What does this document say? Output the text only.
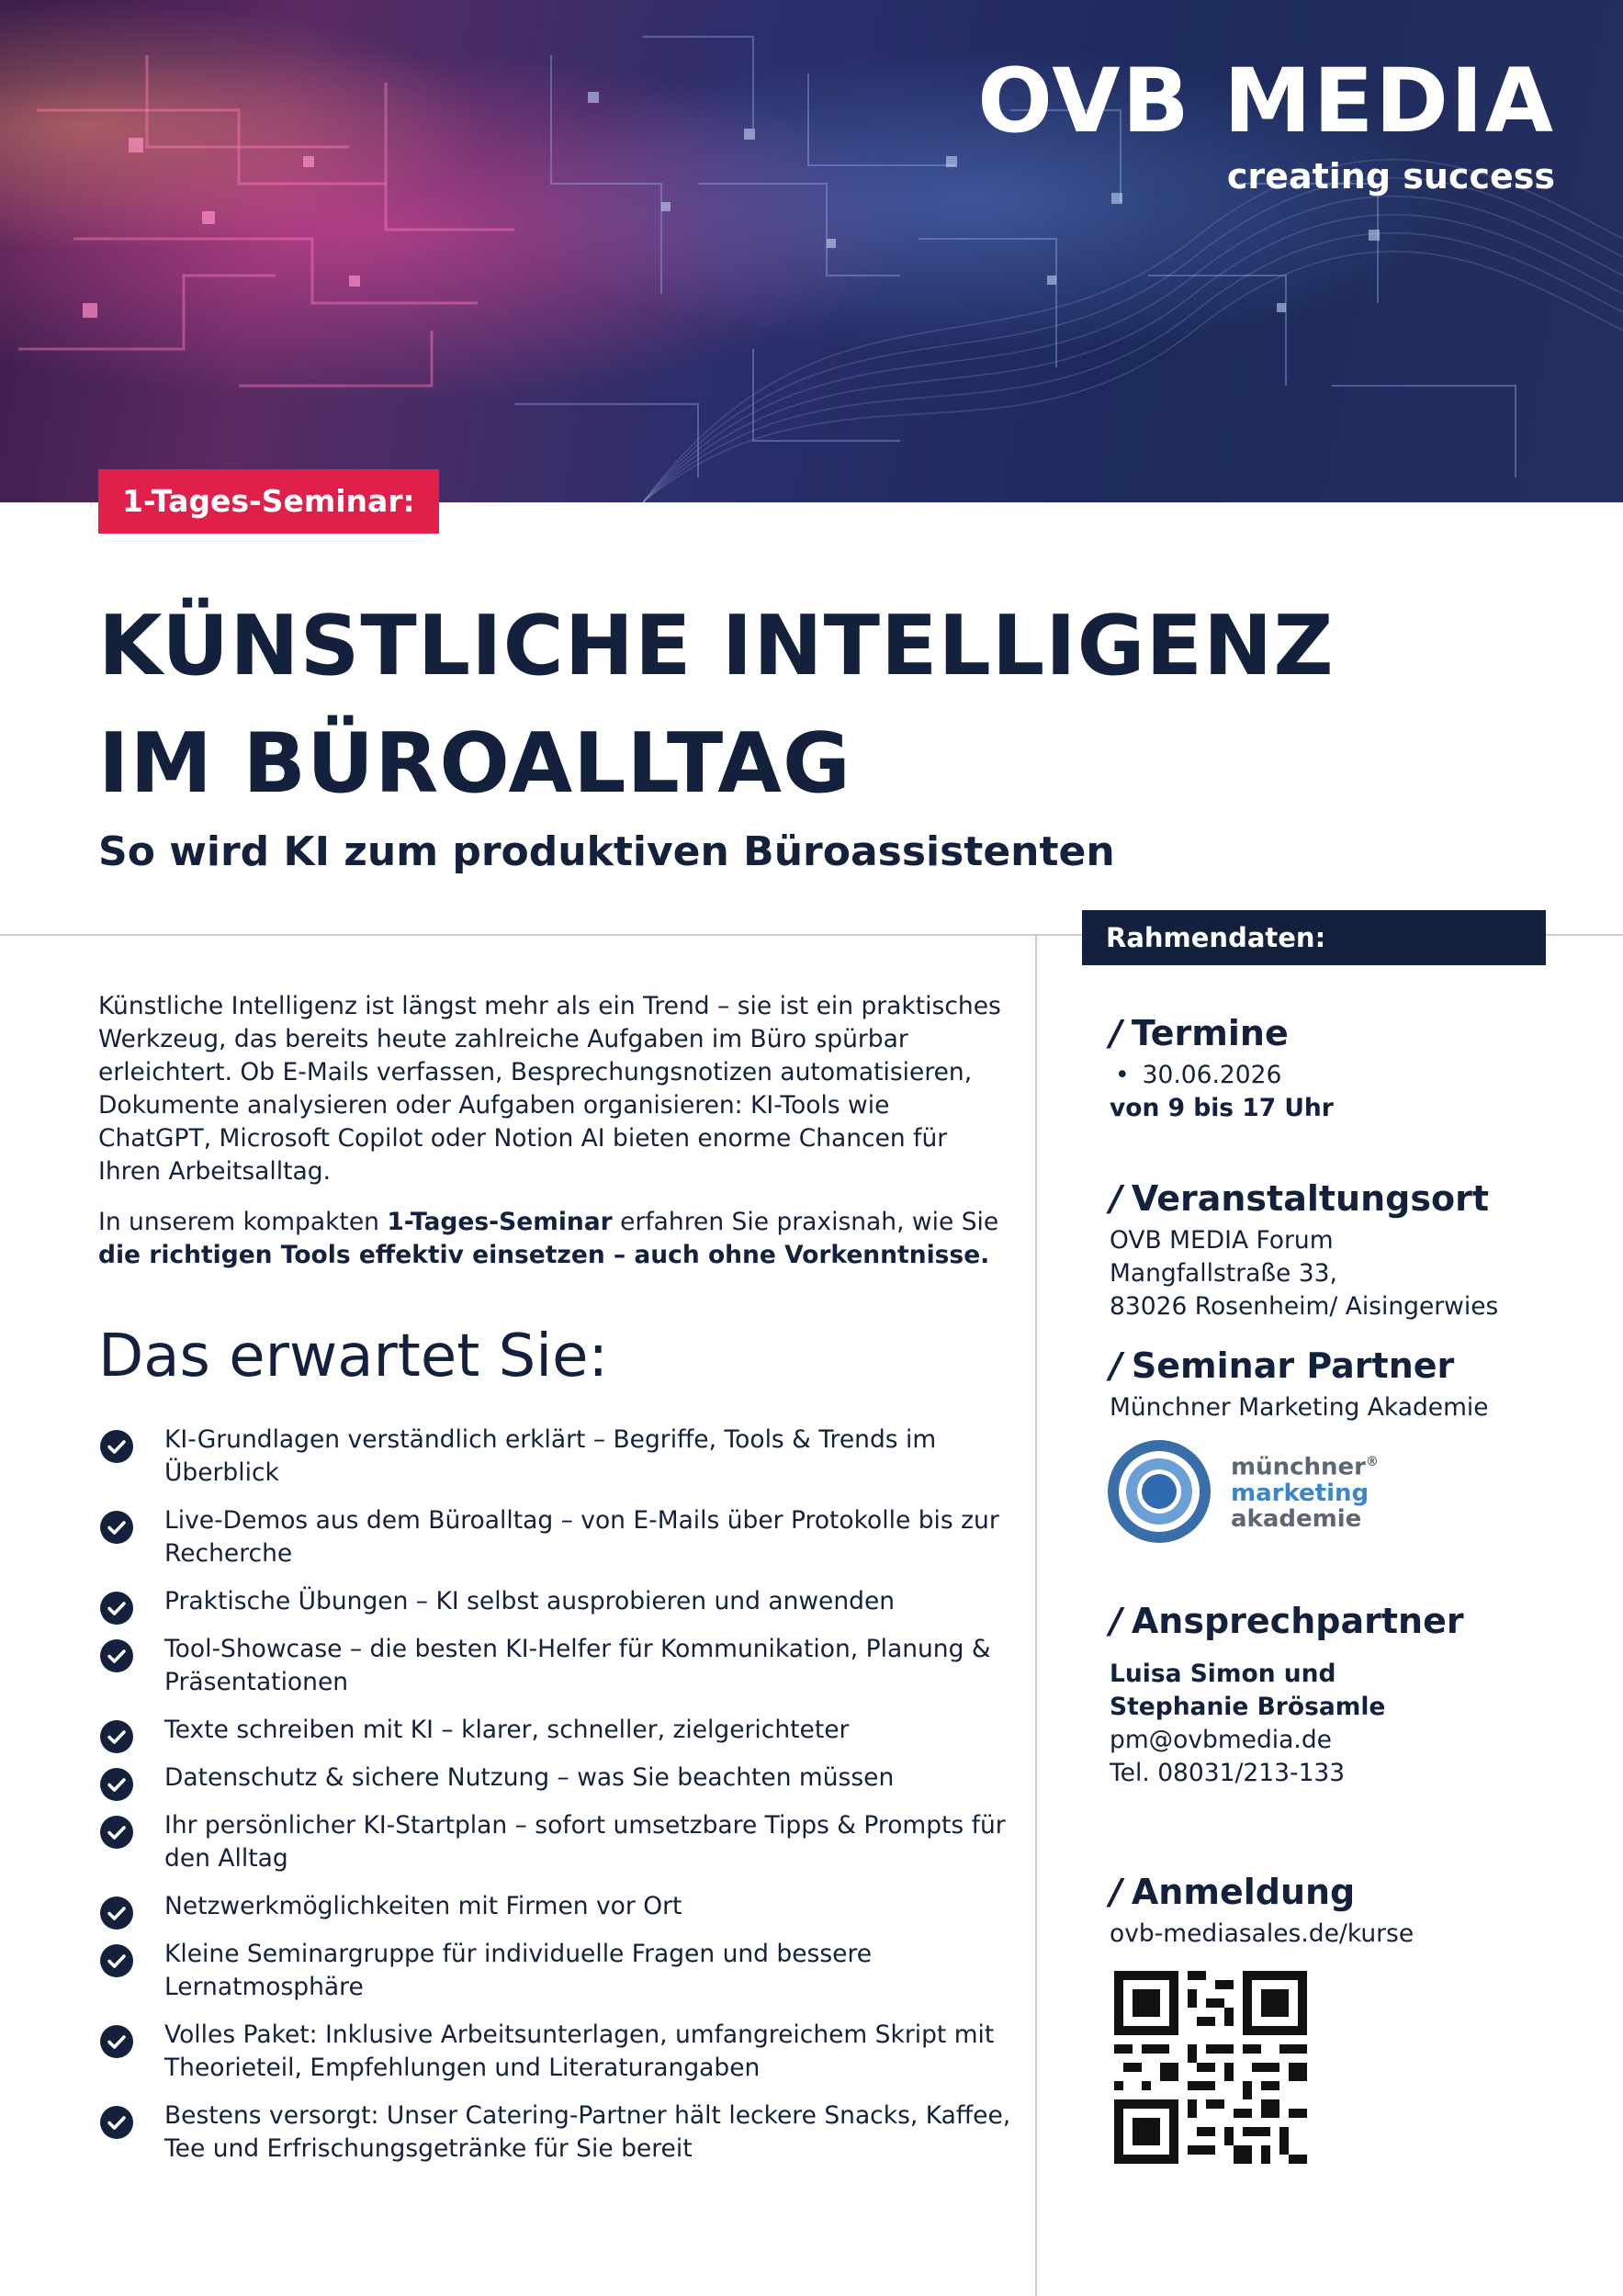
OVB MEDIA
creating success
1-Tages-Seminar:
KÜNSTLICHE INTELLIGENZ
IM BÜROALLTAG
So wird KI zum produktiven Büroassistenten

Künstliche Intelligenz ist längst mehr als ein Trend – sie ist ein praktisches Werkzeug, das bereits heute zahlreiche Aufgaben im Büro spürbar erleichtert. Ob E-Mails verfassen, Besprechungsnotizen automatisieren, Dokumente analysieren oder Aufgaben organisieren: KI-Tools wie ChatGPT, Microsoft Copilot oder Notion AI bieten enorme Chancen für Ihren Arbeitsalltag.

In unserem kompakten 1-Tages-Seminar erfahren Sie praxisnah, wie Sie die richtigen Tools effektiv einsetzen – auch ohne Vorkenntnisse.

Das erwartet Sie:
KI-Grundlagen verständlich erklärt – Begriffe, Tools & Trends im Überblick
Live-Demos aus dem Büroalltag – von E-Mails über Protokolle bis zur Recherche
Praktische Übungen – KI selbst ausprobieren und anwenden
Tool-Showcase – die besten KI-Helfer für Kommunikation, Planung & Präsentationen
Texte schreiben mit KI – klarer, schneller, zielgerichteter
Datenschutz & sichere Nutzung – was Sie beachten müssen
Ihr persönlicher KI-Startplan – sofort umsetzbare Tipps & Prompts für den Alltag
Netzwerkmöglichkeiten mit Firmen vor Ort
Kleine Seminargruppe für individuelle Fragen und bessere Lernatmosphäre
Volles Paket: Inklusive Arbeitsunterlagen, umfangreichem Skript mit Theorieteil, Empfehlungen und Literaturangaben
Bestens versorgt: Unser Catering-Partner hält leckere Snacks, Kaffee, Tee und Erfrischungsgetränke für Sie bereit
Rahmendaten:
/ Termine
• 30.06.2026
von 9 bis 17 Uhr
/ Veranstaltungsort
OVB MEDIA Forum
Mangfallstraße 33,
83026 Rosenheim/ Aisingerwies
/ Seminar Partner
Münchner Marketing Akademie
münchner®
marketing
akademie
/ Ansprechpartner
Luisa Simon und
Stephanie Brösamle
pm@ovbmedia.de
Tel. 08031/213-133
/ Anmeldung
ovb-mediasales.de/kurse
